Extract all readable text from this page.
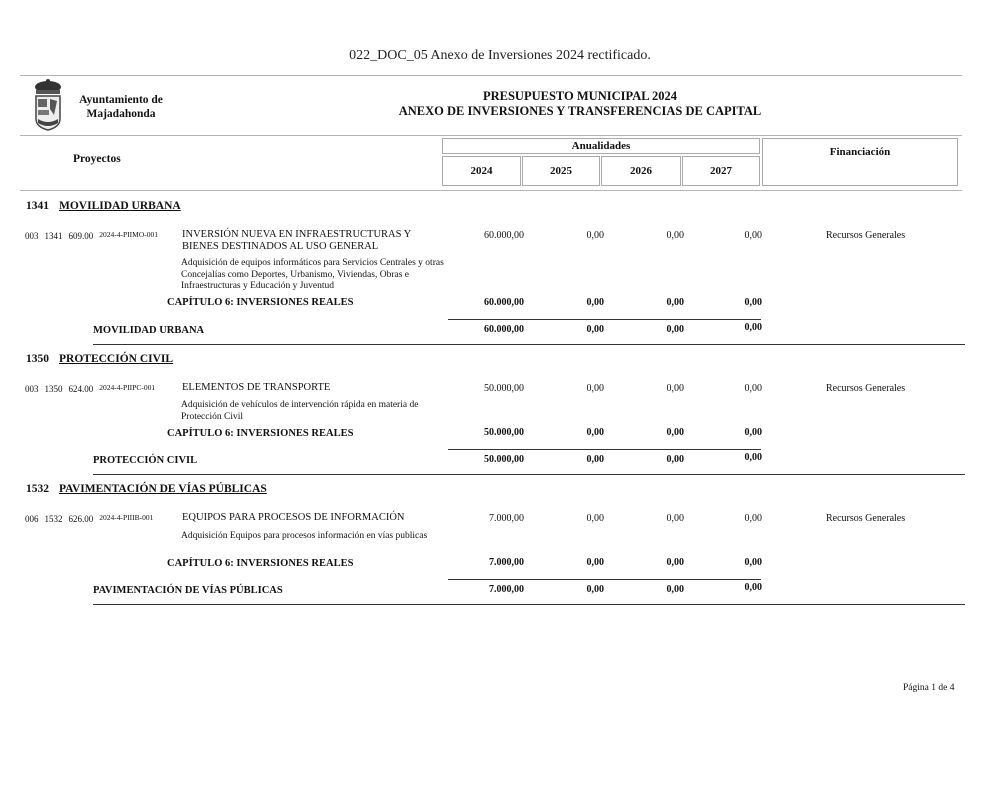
022_DOC_05 Anexo de Inversiones 2024 rectificado.
Ayuntamiento de
Majadahonda
PRESUPUESTO MUNICIPAL 2024
ANEXO DE INVERSIONES Y TRANSFERENCIAS DE CAPITAL
Proyectos
Anualidades
2024	2025	2026	2027
Financiación
1341 MOVILIDAD URBANA
003 1341 609.00 $^{2024-4-PIIMO-001}$	INVERSIÓN NUEVA EN INFRAESTRUCTURAS Y BIENES DESTINADOS AL USO GENERAL
Adquisición de equipos informáticos para Servicios Centrales y otras Concejalías como Deportes, Urbanismo, Viviendas, Obras e Infraestructuras y Educación y Juventud
60.000,00	0,00	0,00	0,00	Recursos Generales
CAPÍTULO 6: INVERSIONES REALES	60.000,00	0,00	0,00	0,00
MOVILIDAD URBANA	60.000,00	0,00	0,00	0,00
1350 PROTECCIÓN CIVIL
003 1350 624.00 $^{2024-4-PIIPC-001}$	ELEMENTOS DE TRANSPORTE
Adquisición de vehículos de intervención rápida en materia de Protección Civil
50.000,00	0,00	0,00	0,00	Recursos Generales
CAPÍTULO 6: INVERSIONES REALES	50.000,00	0,00	0,00	0,00
PROTECCIÓN CIVIL	50.000,00	0,00	0,00	0,00
1532 PAVIMENTACIÓN DE VÍAS PÚBLICAS
006 1532 626.00 $^{2024-4-PIIIB-001}$	EQUIPOS PARA PROCESOS DE INFORMACIÓN
Adquisición Equipos para procesos información en vías publicas
7.000,00	0,00	0,00	0,00	Recursos Generales
CAPÍTULO 6: INVERSIONES REALES	7.000,00	0,00	0,00	0,00
PAVIMENTACIÓN DE VÍAS PÚBLICAS	7.000,00	0,00	0,00	0,00
Página 1 de 4
